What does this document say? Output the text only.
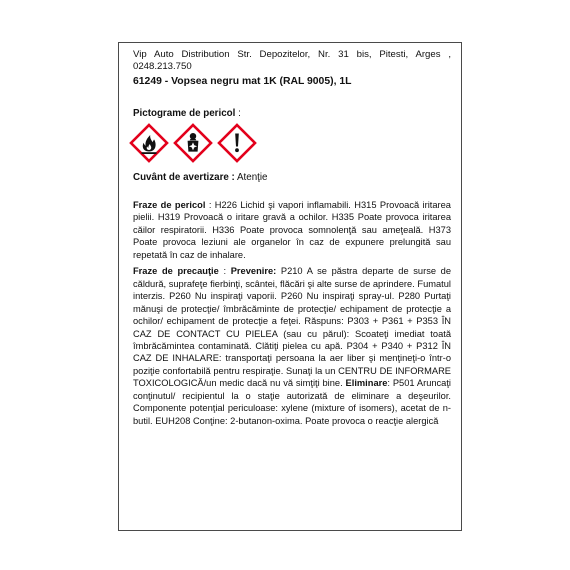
Vip Auto Distribution Str. Depozitelor, Nr. 31 bis, Pitesti, Arges , 0248.213.750
61249 - Vopsea negru mat 1K (RAL 9005), 1L
Pictograme de pericol :
Cuvânt de avertizare : Atenţie

Fraze de pericol : H226 Lichid şi vapori inflamabili. H315 Provoacă iritarea pielii. H319 Provoacă o iritare gravă a ochilor. H335 Poate provoca iritarea căilor respiratorii. H336 Poate provoca somnolenţă sau ameţeală. H373 Poate provoca leziuni ale organelor în caz de expunere prelungită sau repetată în caz de inhalare.

Fraze de precauţie : Prevenire: P210 A se păstra departe de surse de căldură, suprafeţe fierbinţi, scântei, flăcări şi alte surse de aprindere. Fumatul interzis. P260 Nu inspiraţi vaporii. P260 Nu inspiraţi spray-ul. P280 Purtaţi mănuşi de protecţie/ îmbrăcăminte de protecţie/ echipament de protecţie a ochilor/ echipament de protecţie a feţei. Răspuns: P303 + P361 + P353 ÎN CAZ DE CONTACT CU PIELEA (sau cu părul): Scoateţi imediat toată îmbrăcămintea contaminată. Clătiţi pielea cu apă. P304 + P340 + P312 ÎN CAZ DE INHALARE: transportaţi persoana la aer liber şi menţineţi-o într-o poziţie confortabilă pentru respiraţie. Sunaţi la un CENTRU DE INFORMARE TOXICOLOGICĂ/un medic dacă nu vă simţiţi bine. Eliminare: P501 Aruncaţi conţinutul/ recipientul la o staţie autorizată de eliminare a deşeurilor. Componente potenţial periculoase: xylene (mixture of isomers), acetat de n-butil. EUH208 Conţine: 2-butanon-oxima. Poate provoca o reacţie alergică
